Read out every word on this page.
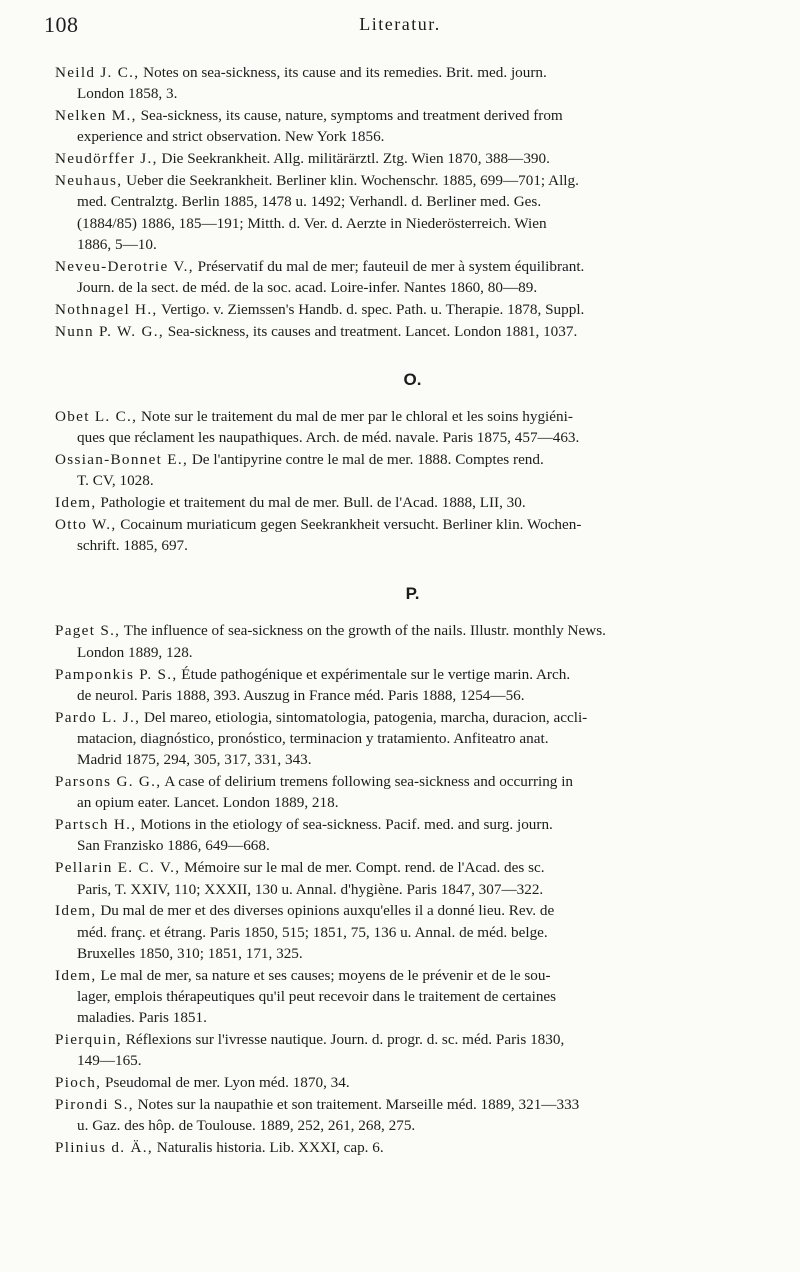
108	Literatur.
Neild J. C., Notes on sea-sickness, its cause and its remedies. Brit. med. journ.
London 1858, 3.
Nelken M., Sea-sickness, its cause, nature, symptoms and treatment derived from
experience and strict observation. New York 1856.
Neudörffer J., Die Seekrankheit. Allg. militärärztl. Ztg. Wien 1870, 388—390.
Neuhaus, Ueber die Seekrankheit. Berliner klin. Wochenschr. 1885, 699—701; Allg.
med. Centralztg. Berlin 1885, 1478 u. 1492; Verhandl. d. Berliner med. Ges.
(1884/85) 1886, 185—191; Mitth. d. Ver. d. Aerzte in Niederösterreich. Wien
1886, 5—10.
Neveu-Derotrie V., Préservatif du mal de mer; fauteuil de mer à system équilibrant.
Journ. de la sect. de méd. de la soc. acad. Loire-infer. Nantes 1860, 80—89.
Nothnagel H., Vertigo. v. Ziemssen's Handb. d. spec. Path. u. Therapie. 1878, Suppl.
Nunn P. W. G., Sea-sickness, its causes and treatment. Lancet. London 1881, 1037.
O.
Obet L. C., Note sur le traitement du mal de mer par le chloral et les soins hygiéni-
ques que réclament les naupathiques. Arch. de méd. navale. Paris 1875, 457—463.
Ossian-Bonnet E., De l'antipyrine contre le mal de mer. 1888. Comptes rend.
T. CV, 1028.
Idem, Pathologie et traitement du mal de mer. Bull. de l'Acad. 1888, LII, 30.
Otto W., Cocainum muriaticum gegen Seekrankheit versucht. Berliner klin. Wochen-
schrift. 1885, 697.
P.
Paget S., The influence of sea-sickness on the growth of the nails. Illustr. monthly News.
London 1889, 128.
Pamponkis P. S., Étude pathogénique et expérimentale sur le vertige marin. Arch.
de neurol. Paris 1888, 393. Auszug in France méd. Paris 1888, 1254—56.
Pardo L. J., Del mareo, etiologia, sintomatologia, patogenia, marcha, duracion, accli-
matacion, diagnóstico, pronóstico, terminacion y tratamiento. Anfiteatro anat.
Madrid 1875, 294, 305, 317, 331, 343.
Parsons G. G., A case of delirium tremens following sea-sickness and occurring in
an opium eater. Lancet. London 1889, 218.
Partsch H., Motions in the etiology of sea-sickness. Pacif. med. and surg. journ.
San Franzisko 1886, 649—668.
Pellarin E. C. V., Mémoire sur le mal de mer. Compt. rend. de l'Acad. des sc.
Paris, T. XXIV, 110; XXXII, 130 u. Annal. d'hygiène. Paris 1847, 307—322.
Idem, Du mal de mer et des diverses opinions auxqu'elles il a donné lieu. Rev. de
méd. franç. et étrang. Paris 1850, 515; 1851, 75, 136 u. Annal. de méd. belge.
Bruxelles 1850, 310; 1851, 171, 325.
Idem, Le mal de mer, sa nature et ses causes; moyens de le prévenir et de le sou-
lager, emplois thérapeutiques qu'il peut recevoir dans le traitement de certaines
maladies. Paris 1851.
Pierquin, Réflexions sur l'ivresse nautique. Journ. d. progr. d. sc. méd. Paris 1830,
149—165.
Pioch, Pseudomal de mer. Lyon méd. 1870, 34.
Pirondi S., Notes sur la naupathie et son traitement. Marseille méd. 1889, 321—333
u. Gaz. des hôp. de Toulouse. 1889, 252, 261, 268, 275.
Plinius d. Ä., Naturalis historia. Lib. XXXI, cap. 6.
